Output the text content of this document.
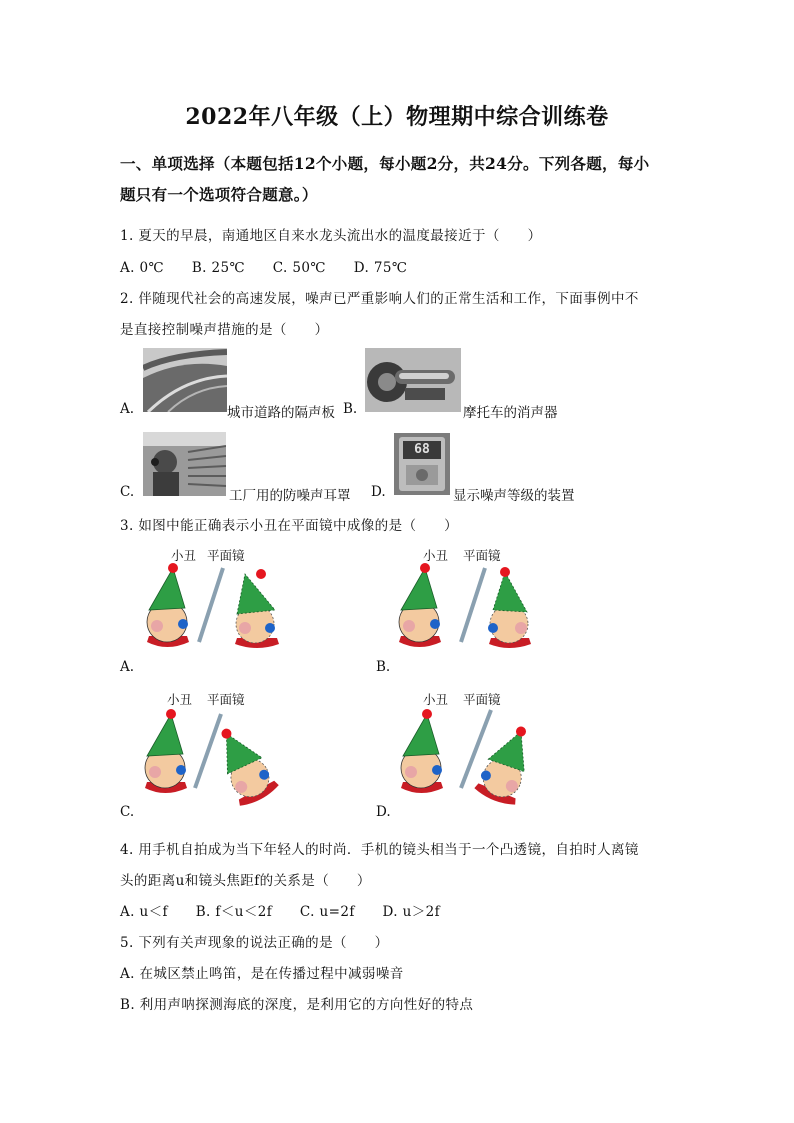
2022年八年级（上）物理期中综合训练卷
一、单项选择（本题包括12个小题，每小题2分，共24分。下列各题，每小
题只有一个选项符合题意。）
1. 夏天的早晨，南通地区自来水龙头流出水的温度最接近于（　　）
A. 0℃　　B. 25℃　　C. 50℃　　D. 75℃
2. 伴随现代社会的高速发展，噪声已严重影响人们的正常生活和工作，下面事例中不
是直接控制噪声措施的是（　　）
A.	城市道路的隔声板 B.	摩托车的消声器
C.	工厂用的防噪声耳罩 D.
68
显示噪声等级的装置
3. 如图中能正确表示小丑在平面镜中成像的是（　　）
小丑 平面镜
A.
小丑 平面镜
B.
小丑 平面镜
C.
小丑 平面镜
D.
4. 用手机自拍成为当下年轻人的时尚．手机的镜头相当于一个凸透镜，自拍时人离镜
头的距离u和镜头焦距f的关系是（　　）
A. u＜f　　B. f＜u＜2f　　C. u=2f　　D. u＞2f
5. 下列有关声现象的说法正确的是（　　）
A. 在城区禁止鸣笛，是在传播过程中减弱噪音
B. 利用声呐探测海底的深度，是利用它的方向性好的特点
